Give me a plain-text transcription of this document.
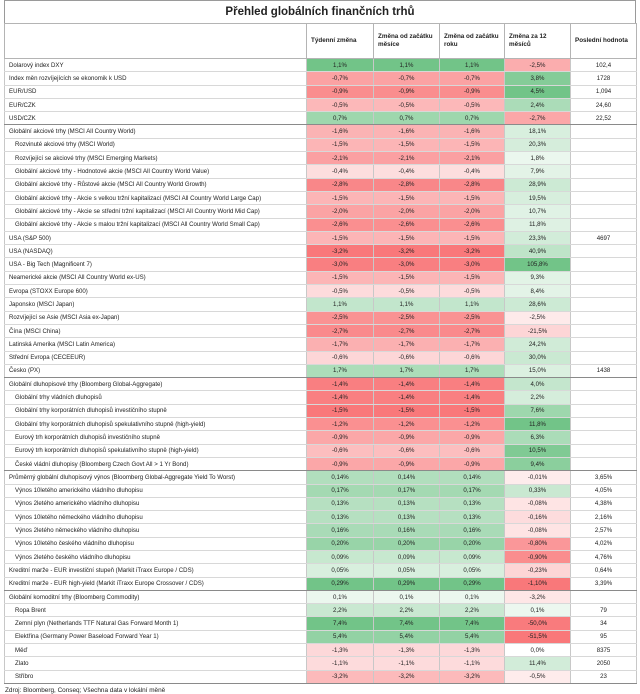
Přehled globálních finančních trhů
	Týdenní změna	Změna od začátku měsíce	Změna od začátku roku	Změna za 12 měsíců	Poslední hodnota
Dolarový index DXY	1,1%	1,1%	1,1%	-2,5%	102,4
Index měn rozvíjejících se ekonomik k USD	-0,7%	-0,7%	-0,7%	3,8%	1728
EUR/USD	-0,9%	-0,9%	-0,9%	4,5%	1,094
EUR/CZK	-0,5%	-0,5%	-0,5%	2,4%	24,60
USD/CZK	0,7%	0,7%	0,7%	-2,7%	22,52
Globální akciové trhy (MSCI All Country World)	-1,6%	-1,6%	-1,6%	18,1%	
Rozvinuté akciové trhy (MSCI World)	-1,5%	-1,5%	-1,5%	20,3%	
Rozvíjející se akciové trhy (MSCI Emerging Markets)	-2,1%	-2,1%	-2,1%	1,8%	
Globální akciové trhy - Hodnotové akcie (MSCI All Country World Value)	-0,4%	-0,4%	-0,4%	7,9%	
Globální akciové trhy - Růstové akcie (MSCI All Country World Growth)	-2,8%	-2,8%	-2,8%	28,9%	
Globální akciové trhy - Akcie s velkou tržní kapitalizací (MSCI All Country World Large Cap)	-1,5%	-1,5%	-1,5%	19,5%	
Globální akciové trhy - Akcie se střední tržní kapitalizací (MSCI All Country World Mid Cap)	-2,0%	-2,0%	-2,0%	10,7%	
Globální akciové trhy - Akcie s malou tržní kapitalizací (MSCI All Country World Small Cap)	-2,6%	-2,6%	-2,6%	11,8%	
USA (S&P 500)	-1,5%	-1,5%	-1,5%	23,3%	4697
USA (NASDAQ)	-3,2%	-3,2%	-3,2%	40,9%	
USA - Big Tech (Magnificent 7)	-3,0%	-3,0%	-3,0%	105,8%	
Neamerické akcie (MSCI All Country World ex-US)	-1,5%	-1,5%	-1,5%	9,3%	
Evropa (STOXX Europe 600)	-0,5%	-0,5%	-0,5%	8,4%	
Japonsko (MSCI Japan)	1,1%	1,1%	1,1%	28,6%	
Rozvíjející se Asie (MSCI Asia ex-Japan)	-2,5%	-2,5%	-2,5%	-2,5%	
Čína (MSCI China)	-2,7%	-2,7%	-2,7%	-21,5%	
Latinská Amerika (MSCI Latin America)	-1,7%	-1,7%	-1,7%	24,2%	
Střední Evropa (CECEEUR)	-0,6%	-0,6%	-0,6%	30,0%	
Česko (PX)	1,7%	1,7%	1,7%	15,0%	1438
Globální dluhopisové trhy (Bloomberg Global-Aggregate)	-1,4%	-1,4%	-1,4%	4,0%	
Globální trhy vládních dluhopisů	-1,4%	-1,4%	-1,4%	2,2%	
Globální trhy korporátních dluhopisů investičního stupně	-1,5%	-1,5%	-1,5%	7,6%	
Globální trhy korporátních dluhopisů spekulativního stupně (high-yield)	-1,2%	-1,2%	-1,2%	11,8%	
Eurový trh korporátních dluhopisů investičního stupně	-0,9%	-0,9%	-0,9%	6,3%	
Eurový trh korporátních dluhopisů spekulativního stupně (high-yield)	-0,6%	-0,6%	-0,6%	10,5%	
České vládní dluhopisy (Bloomberg Czech Govt All > 1 Yr Bond)	-0,9%	-0,9%	-0,9%	9,4%	
Průměrný globální dluhopisový výnos (Bloomberg Global-Aggregate Yield To Worst)	0,14%	0,14%	0,14%	-0,01%	3,65%
Výnos 10letého amerického vládního dluhopisu	0,17%	0,17%	0,17%	0,33%	4,05%
Výnos 2letého amerického vládního dluhopisu	0,13%	0,13%	0,13%	-0,08%	4,38%
Výnos 10letého německého vládního dluhopisu	0,13%	0,13%	0,13%	-0,16%	2,16%
Výnos 2letého německého vládního dluhopisu	0,16%	0,16%	0,16%	-0,08%	2,57%
Výnos 10letého českého vládního dluhopisu	0,20%	0,20%	0,20%	-0,80%	4,02%
Výnos 2letého českého vládního dluhopisu	0,09%	0,09%	0,09%	-0,90%	4,76%
Kreditní marže - EUR investiční stupeň (Markit iTraxx Europe / CDS)	0,05%	0,05%	0,05%	-0,23%	0,64%
Kreditní marže - EUR high-yield (Markit iTraxx Europe Crossover / CDS)	0,29%	0,29%	0,29%	-1,10%	3,39%
Globální komoditní trhy (Bloomberg Commodity)	0,1%	0,1%	0,1%	-3,2%	
Ropa Brent	2,2%	2,2%	2,2%	0,1%	79
Zemní plyn (Netherlands TTF Natural Gas Forward Month 1)	7,4%	7,4%	7,4%	-50,0%	34
Elektřina (Germany Power Baseload Forward Year 1)	5,4%	5,4%	5,4%	-51,5%	95
Měď	-1,3%	-1,3%	-1,3%	0,0%	8375
Zlato	-1,1%	-1,1%	-1,1%	11,4%	2050
Stříbro	-3,2%	-3,2%	-3,2%	-0,5%	23
Zdroj: Bloomberg, Conseq; Všechna data v lokální měně
